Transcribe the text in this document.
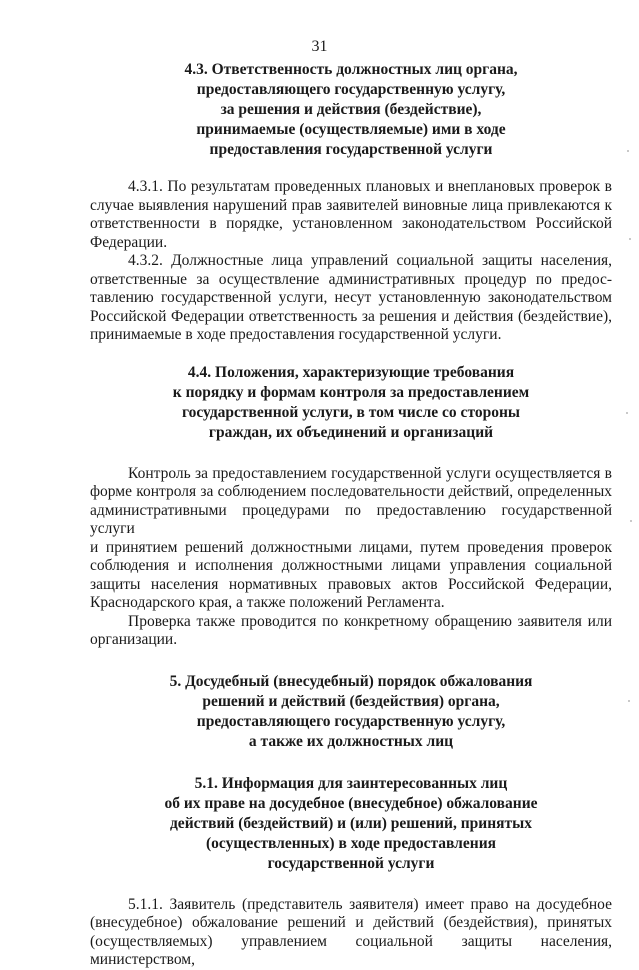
31
4.3. Ответственность должностных лиц органа,
предоставляющего государственную услугу,
за решения и действия (бездействие),
принимаемые (осуществляемые) ими в ходе
предоставления государственной услуги
4.3.1. По результатам проведенных плановых и внеплановых проверок в
случае выявления нарушений прав заявителей виновные лица привлекаются к
ответственности в порядке, установленном законодательством Российской
Федерации.
4.3.2. Должностные лица управлений социальной защиты населения,
ответственные за осуществление административных процедур по предос-
тавлению государственной услуги, несут установленную законодательством
Российской Федерации ответственность за решения и действия (бездействие),
принимаемые в ходе предоставления государственной услуги.
4.4. Положения, характеризующие требования
к порядку и формам контроля за предоставлением
государственной услуги, в том числе со стороны
граждан, их объединений и организаций
Контроль за предоставлением государственной услуги осуществляется в
форме контроля за соблюдением последовательности действий, определенных
административными процедурами по предоставлению государственной услуги
и принятием решений должностными лицами, путем проведения проверок
соблюдения и исполнения должностными лицами управления социальной
защиты населения нормативных правовых актов Российской Федерации,
Краснодарского края, а также положений Регламента.
Проверка также проводится по конкретному обращению заявителя или
организации.
5. Досудебный (внесудебный) порядок обжалования
решений и действий (бездействия) органа,
предоставляющего государственную услугу,
а также их должностных лиц
5.1. Информация для заинтересованных лиц
об их праве на досудебное (внесудебное) обжалование
действий (бездействий) и (или) решений, принятых
(осуществленных) в ходе предоставления
государственной услуги
5.1.1. Заявитель (представитель заявителя) имеет право на досудебное
(внесудебное) обжалование решений и действий (бездействия), принятых
(осуществляемых) управлением социальной защиты населения, министерством,
